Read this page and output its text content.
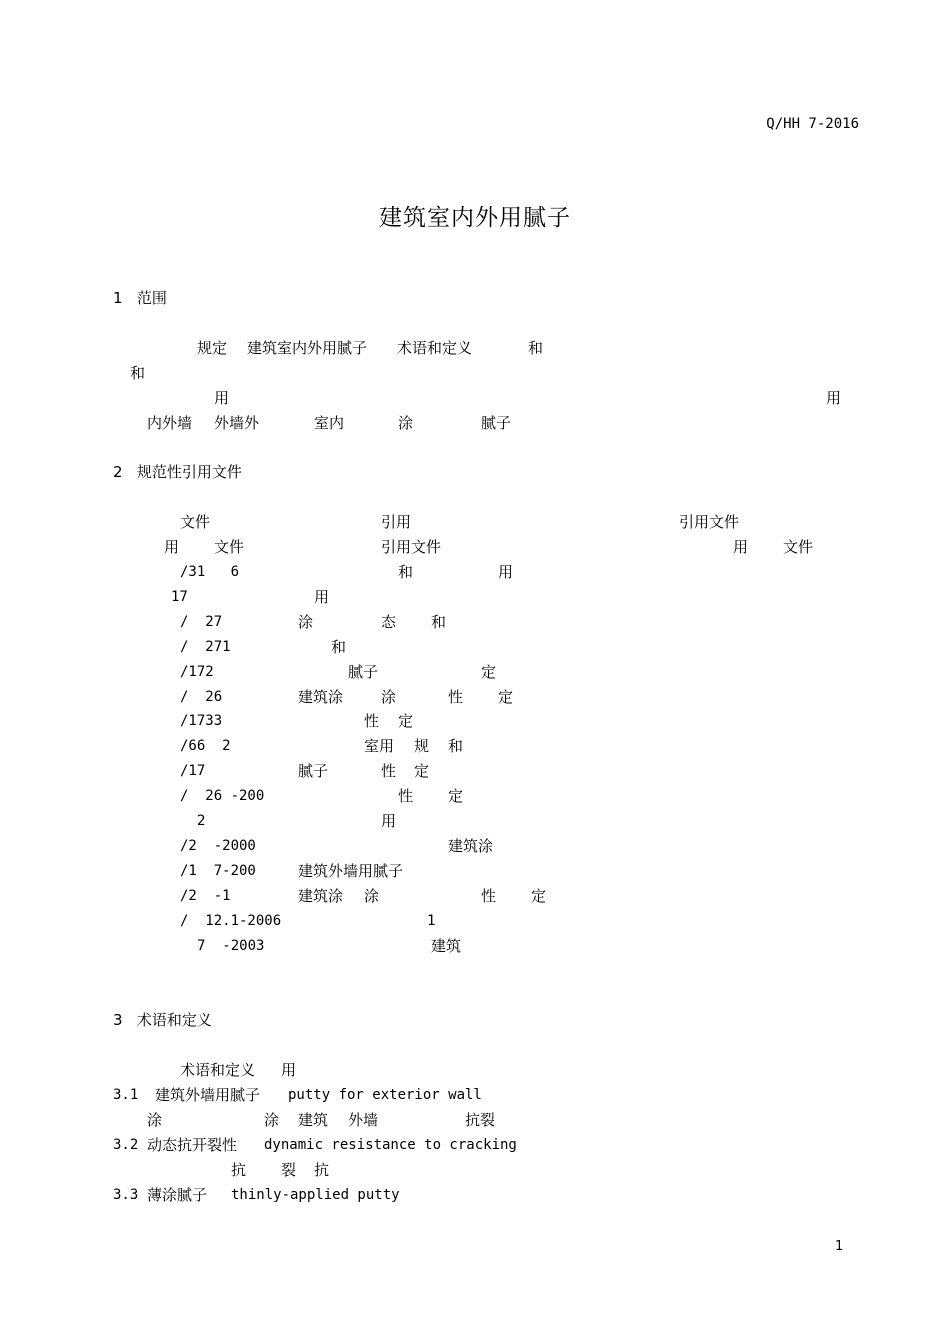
Q/HH 7-2016
建筑室内外用腻子
1   范围
规定 建筑室内外用腻子 术语和定义	和
和
用	用
内外墙 外墙外	室内	涂	腻子
2   规范性引用文件
文件	引用	引用文件
用 文件	引用文件	用 文件
/31   6	和	用
17	用
/  27	涂	态 和
/  271	和
/172	腻子	定
/  26	建筑涂	涂	性 定
/1733	性 定
/66  2	室用 规 和
/17	腻子	性 定
/  26 -200	性 定
2	用
/2  -2000	建筑涂
/1  7-200	建筑外墙用腻子
/2  -1	建筑涂 涂	性 定
/  12.1-2006	1
7  -2003	建筑
3   术语和定义
术语和定义 用
3.1 建筑外墙用腻子 putty for exterior wall
涂	涂 建筑 外墙	抗裂
3.2 动态抗开裂性 dynamic resistance to cracking
抗 裂 抗
3.3 薄涂腻子 thinly-applied putty
1
